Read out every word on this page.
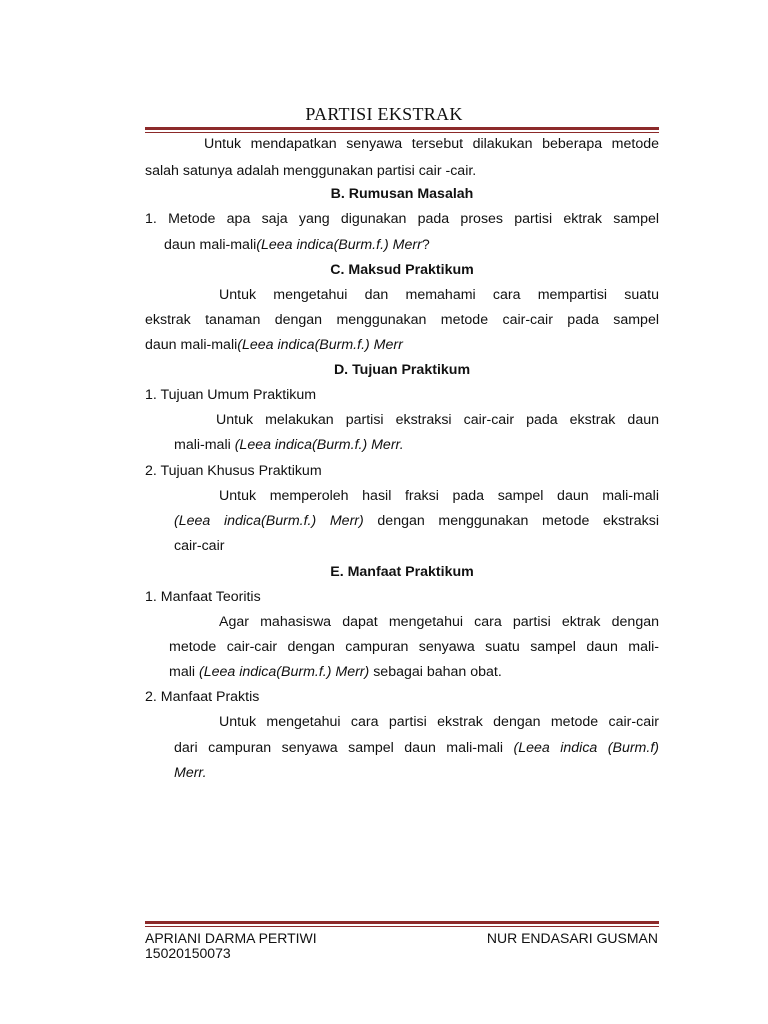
PARTISI EKSTRAK
Untuk mendapatkan senyawa tersebut dilakukan beberapa metode
salah satunya adalah menggunakan partisi cair -cair.
B. Rumusan Masalah
1. Metode apa saja yang digunakan pada proses partisi ektrak sampel
daun mali-mali(Leea indica(Burm.f.) Merr?
C. Maksud Praktikum
Untuk mengetahui dan memahami cara mempartisi suatu
ekstrak tanaman dengan menggunakan metode cair-cair pada sampel
daun mali-mali(Leea indica(Burm.f.) Merr
D. Tujuan Praktikum
1. Tujuan Umum Praktikum
Untuk melakukan partisi ekstraksi cair-cair pada ekstrak daun
mali-mali (Leea indica(Burm.f.) Merr.
2. Tujuan Khusus Praktikum
Untuk memperoleh hasil fraksi pada sampel daun mali-mali
(Leea indica(Burm.f.) Merr) dengan menggunakan metode ekstraksi
cair-cair
E. Manfaat Praktikum
1. Manfaat Teoritis
Agar mahasiswa dapat mengetahui cara partisi ektrak dengan
metode cair-cair dengan campuran senyawa suatu sampel daun mali-
mali (Leea indica(Burm.f.) Merr) sebagai bahan obat.
2. Manfaat Praktis
Untuk mengetahui cara partisi ekstrak dengan metode cair-cair
dari campuran senyawa sampel daun mali-mali (Leea indica (Burm.f)
Merr.
APRIANI DARMA PERTIWI
15020150073
NUR ENDASARI GUSMAN
